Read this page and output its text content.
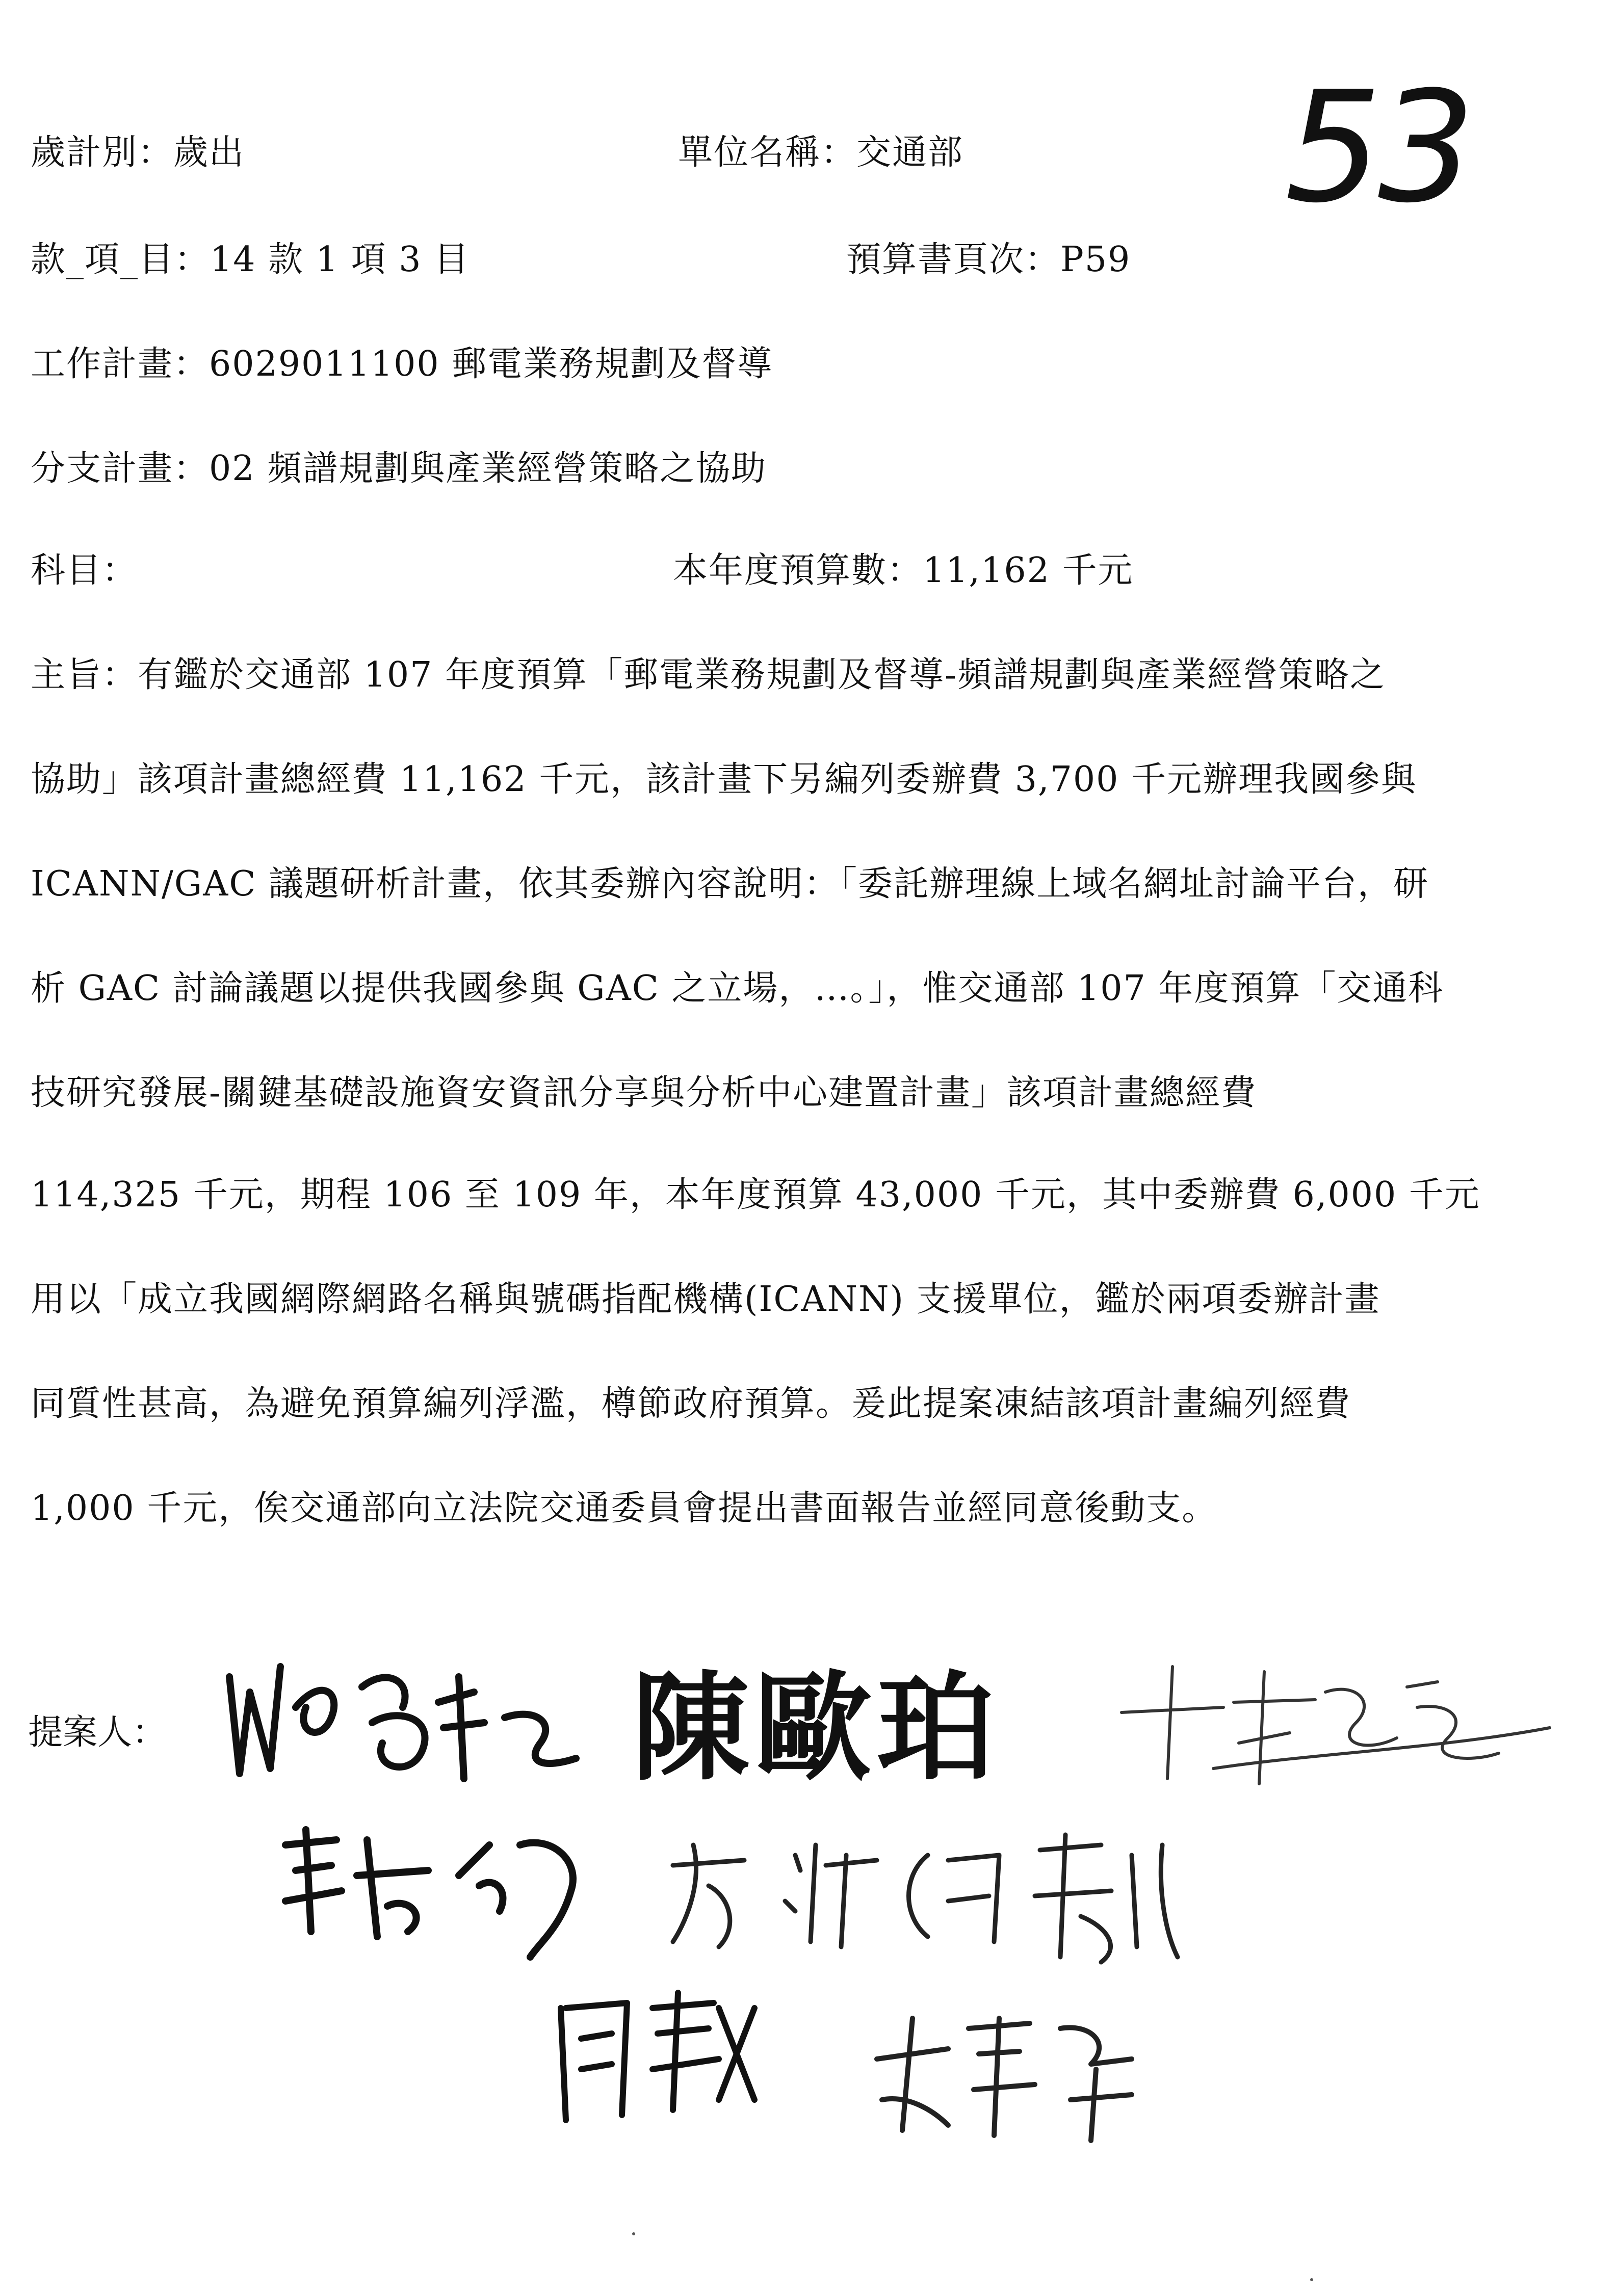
歲計別：歲出	單位名稱：交通部 53
款_項_目：14 款 1 項 3 目	預算書頁次：P59
工作計畫：6029011100 郵電業務規劃及督導
分支計畫：02 頻譜規劃與產業經營策略之協助
科目：	本年度預算數：11,162 千元
主旨：有鑑於交通部 107 年度預算「郵電業務規劃及督導-頻譜規劃與產業經營策略之
協助」該項計畫總經費 11,162 千元，該計畫下另編列委辦費 3,700 千元辦理我國參與
ICANN/GAC 議題研析計畫，依其委辦內容說明：「委託辦理線上域名網址討論平台，研
析 GAC 討論議題以提供我國參與 GAC 之立場，…。」，惟交通部 107 年度預算「交通科
技研究發展-關鍵基礎設施資安資訊分享與分析中心建置計畫」該項計畫總經費
114,325 千元，期程 106 至 109 年，本年度預算 43,000 千元，其中委辦費 6,000 千元
用以「成立我國網際網路名稱與號碼指配機構(ICANN) 支援單位，鑑於兩項委辦計畫
同質性甚高，為避免預算編列浮濫，樽節政府預算。爰此提案凍結該項計畫編列經費
1,000 千元，俟交通部向立法院交通委員會提出書面報告並經同意後動支。
提案人：	陳歐珀
